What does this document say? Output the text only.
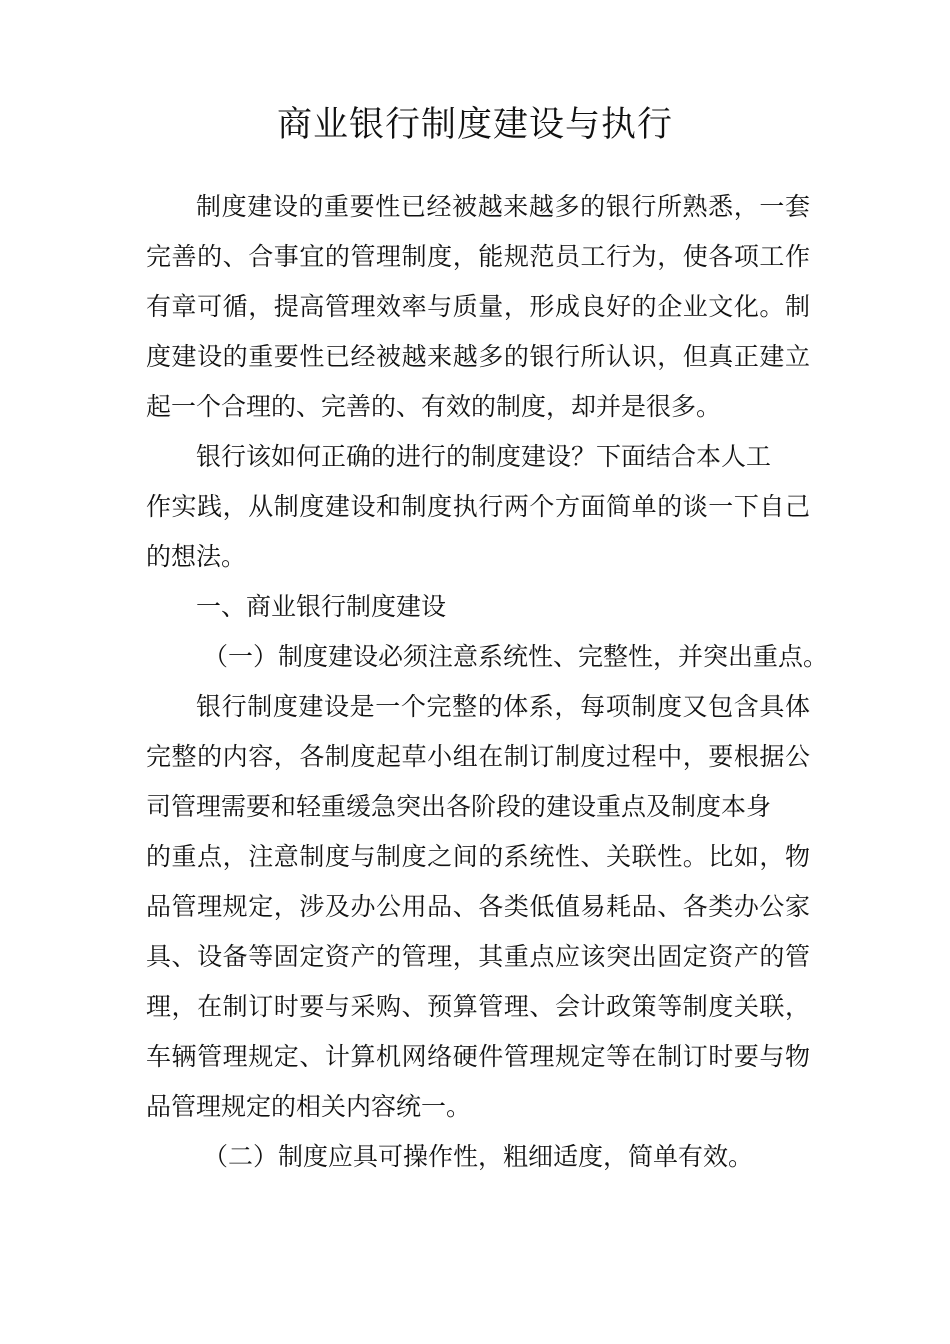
商业银行制度建设与执行
制度建设的重要性已经被越来越多的银行所熟悉，一套
完善的、合事宜的管理制度，能规范员工行为，使各项工作
有章可循，提高管理效率与质量，形成良好的企业文化。制
度建设的重要性已经被越来越多的银行所认识，但真正建立
起一个合理的、完善的、有效的制度，却并是很多。
银行该如何正确的进行的制度建设？下面结合本人工
作实践，从制度建设和制度执行两个方面简单的谈一下自己
的想法。
一、商业银行制度建设
（一）制度建设必须注意系统性、完整性，并突出重点。
银行制度建设是一个完整的体系，每项制度又包含具体
完整的内容，各制度起草小组在制订制度过程中，要根据公
司管理需要和轻重缓急突出各阶段的建设重点及制度本身
的重点，注意制度与制度之间的系统性、关联性。比如，物
品管理规定，涉及办公用品、各类低值易耗品、各类办公家
具、设备等固定资产的管理，其重点应该突出固定资产的管
理，在制订时要与采购、预算管理、会计政策等制度关联，
车辆管理规定、计算机网络硬件管理规定等在制订时要与物
品管理规定的相关内容统一。
（二）制度应具可操作性，粗细适度，简单有效。
